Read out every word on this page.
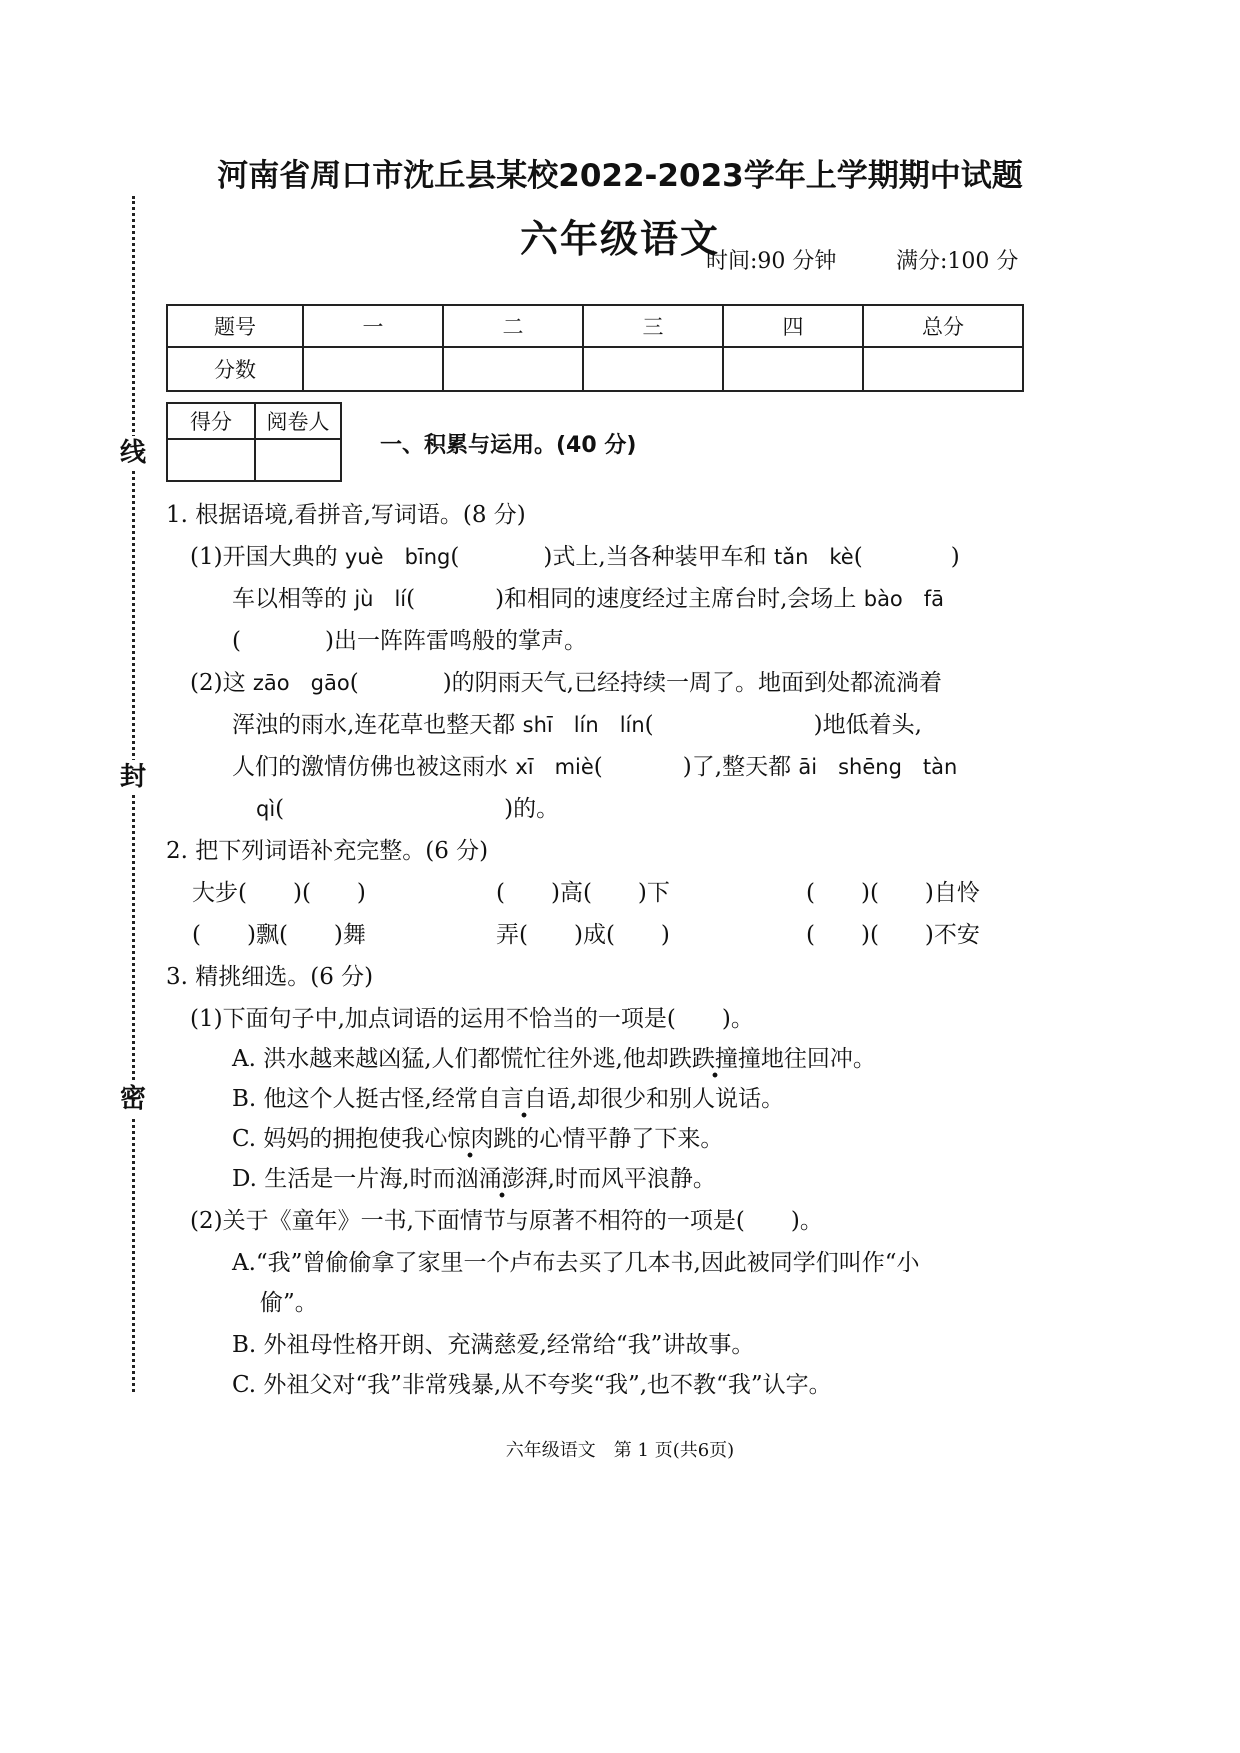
线
封
密
河南省周口市沈丘县某校2022-2023学年上学期期中试题
六年级语文
时间:90 分钟	满分:100 分
题号	一	二	三	四	总分
分数					
得分	阅卷人

一、积累与运用。(40 分)
1. 根据语境,看拼音,写词语。(8 分)
(1)开国大典的 yuè　bīng(	)式上,当各种装甲车和 tǎn　kè(	)
车以相等的 jù　lí(	)和相同的速度经过主席台时,会场上 bào　fā
(	)出一阵阵雷鸣般的掌声。
(2)这 zāo　gāo(	)的阴雨天气,已经持续一周了。地面到处都流淌着
浑浊的雨水,连花草也整天都 shī　lín　lín(	)地低着头,
人们的激情仿佛也被这雨水 xī　miè(	)了,整天都 āi　shēng　tàn
qì(	)的。
2. 把下列词语补充完整。(6 分)
大步(　　)(　　)	(　　)高(　　)下	(　　)(　　)自怜
(　　)飘(　　)舞	弄(　　)成(　　)	(　　)(　　)不安
3. 精挑细选。(6 分)
(1)下面句子中,加点词语的运用不恰当的一项是(　　)。
A. 洪水越来越凶猛,人们都慌忙往外逃,他却跌跌撞撞地往回冲。
B. 他这个人挺古怪,经常自言自语,却很少和别人说话。
C. 妈妈的拥抱使我心惊肉跳的心情平静了下来。
D. 生活是一片海,时而汹涌澎湃,时而风平浪静。
(2)关于《童年》一书,下面情节与原著不相符的一项是(　　)。
A.“我”曾偷偷拿了家里一个卢布去买了几本书,因此被同学们叫作“小
偷”。
B. 外祖母性格开朗、充满慈爱,经常给“我”讲故事。
C. 外祖父对“我”非常残暴,从不夸奖“我”,也不教“我”认字。
六年级语文　第 1 页(共6页)
